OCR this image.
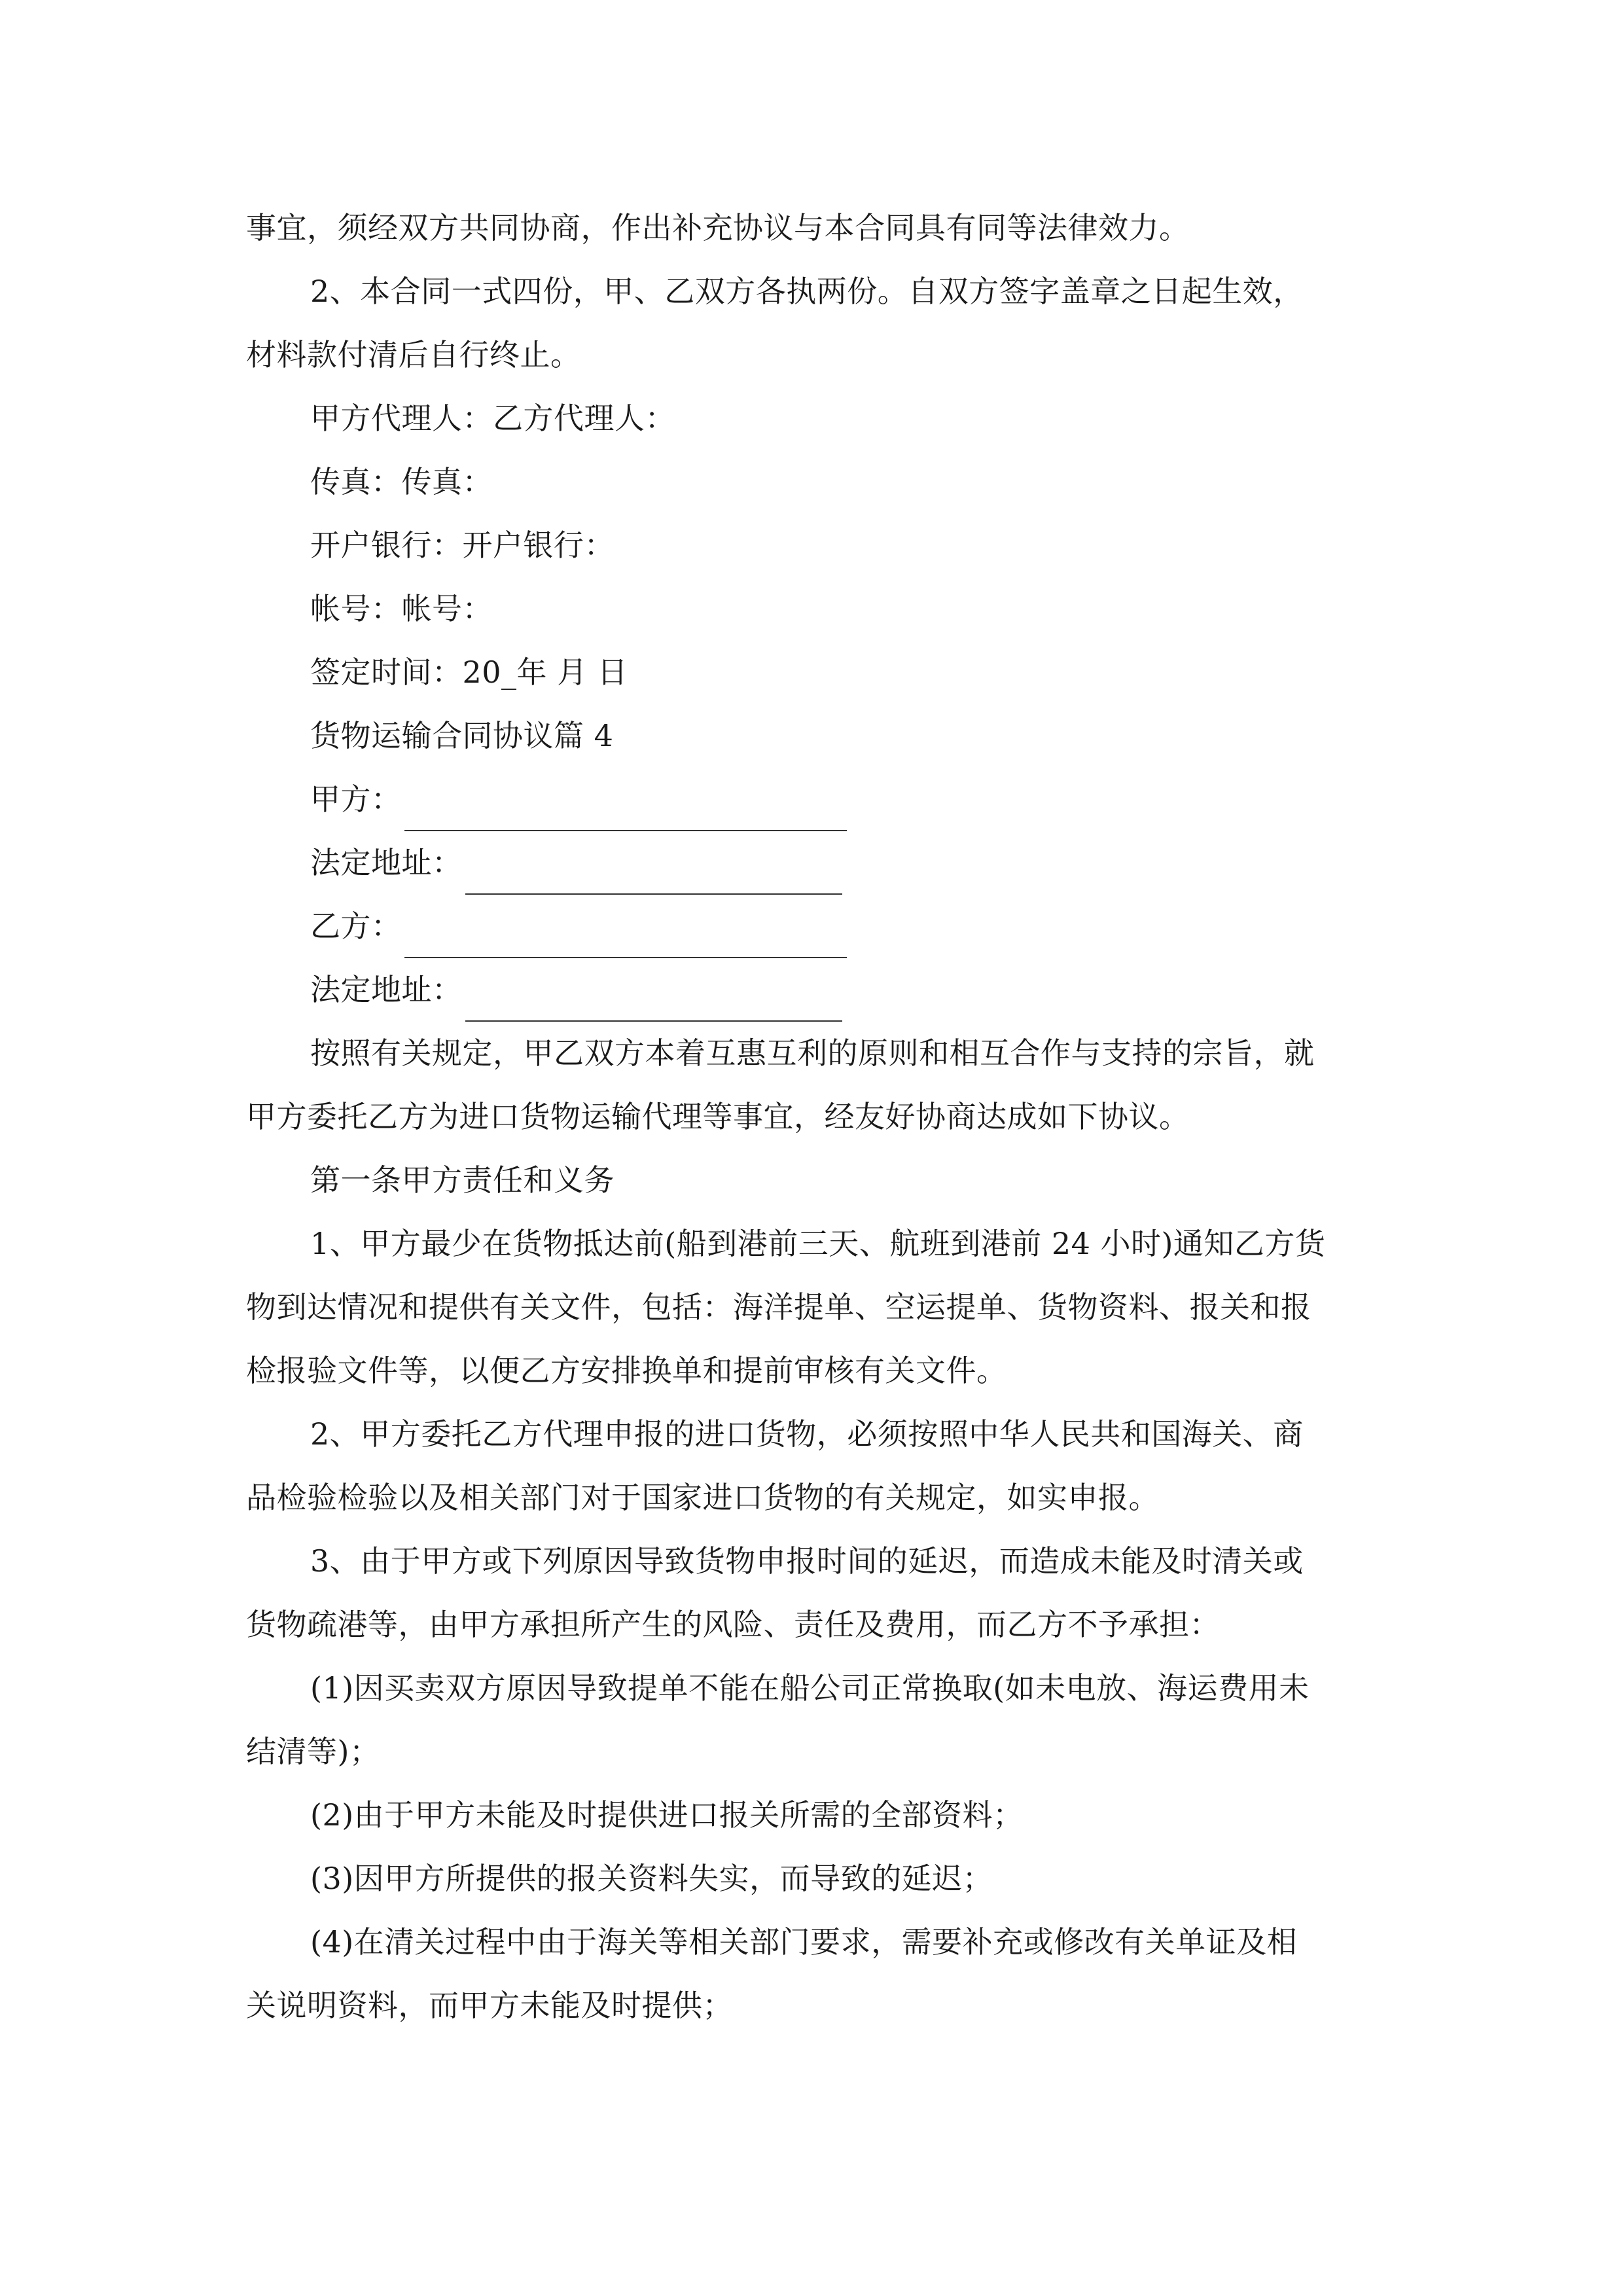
事宜，须经双方共同协商，作出补充协议与本合同具有同等法律效力。
2、本合同一式四份，甲、乙双方各执两份。自双方签字盖章之日起生效，
材料款付清后自行终止。
甲方代理人：乙方代理人：
传真：传真：
开户银行：开户银行：
帐号：帐号：
签定时间：20_年 月 日
货物运输合同协议篇 4
甲方：
法定地址：
乙方：
法定地址：
按照有关规定，甲乙双方本着互惠互利的原则和相互合作与支持的宗旨，就
甲方委托乙方为进口货物运输代理等事宜，经友好协商达成如下协议。
第一条甲方责任和义务
1、甲方最少在货物抵达前(船到港前三天、航班到港前 24 小时)通知乙方货
物到达情况和提供有关文件，包括：海洋提单、空运提单、货物资料、报关和报
检报验文件等，以便乙方安排换单和提前审核有关文件。
2、甲方委托乙方代理申报的进口货物，必须按照中华人民共和国海关、商
品检验检验以及相关部门对于国家进口货物的有关规定，如实申报。
3、由于甲方或下列原因导致货物申报时间的延迟，而造成未能及时清关或
货物疏港等，由甲方承担所产生的风险、责任及费用，而乙方不予承担：
(1)因买卖双方原因导致提单不能在船公司正常换取(如未电放、海运费用未
结清等)；
(2)由于甲方未能及时提供进口报关所需的全部资料；
(3)因甲方所提供的报关资料失实，而导致的延迟；
(4)在清关过程中由于海关等相关部门要求，需要补充或修改有关单证及相
关说明资料，而甲方未能及时提供；
